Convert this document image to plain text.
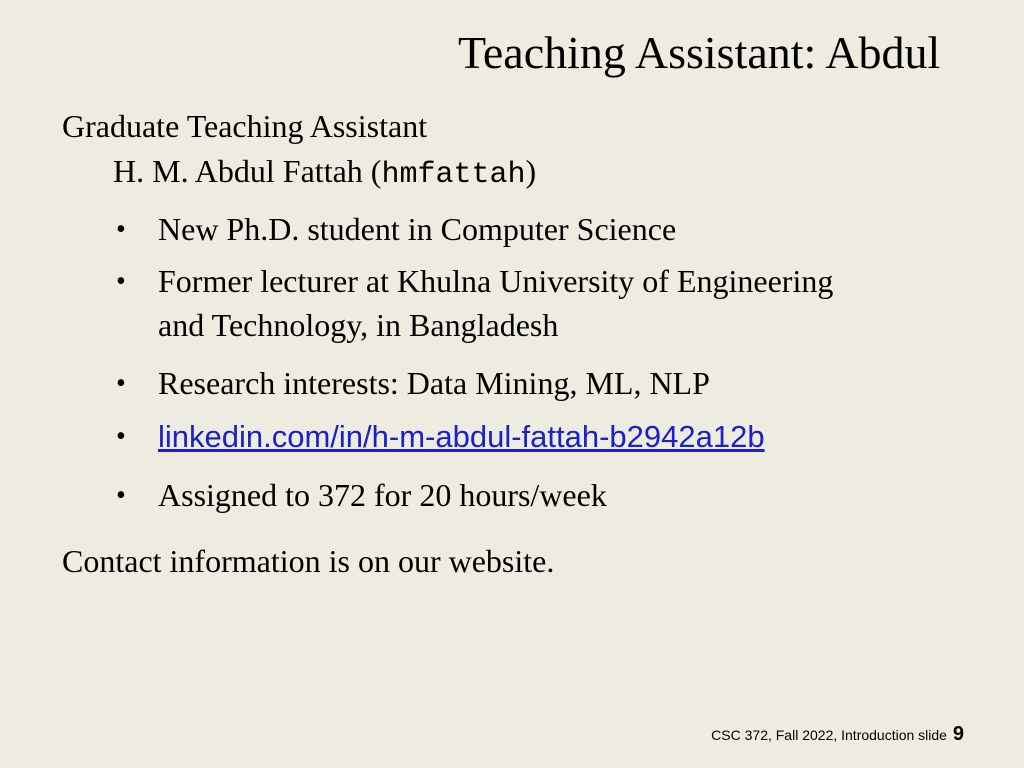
Teaching Assistant: Abdul
Graduate Teaching Assistant
H. M. Abdul Fattah (hmfattah)
• New Ph.D. student in Computer Science
• Former lecturer at Khulna University of Engineering
and Technology, in Bangladesh
• Research interests: Data Mining, ML, NLP
• linkedin.com/in/h-m-abdul-fattah-b2942a12b
• Assigned to 372 for 20 hours/week
Contact information is on our website.
CSC 372, Fall 2022, Introduction slide 9
